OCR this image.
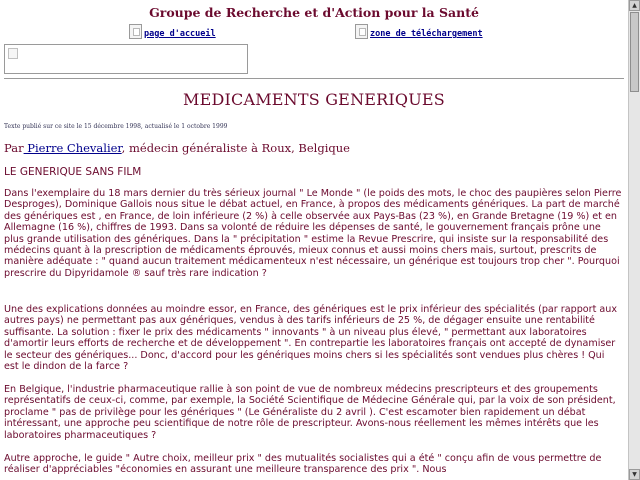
Groupe de Recherche et d'Action pour la Santé
page d'accueil	zone de téléchargement
MEDICAMENTS GENERIQUES
Texte publié sur ce site le 15 décembre 1998, actualisé le 1 octobre 1999
Par Pierre Chevalier, médecin généraliste à Roux, Belgique
LE GENERIQUE SANS FILM

Dans l'exemplaire du 18 mars dernier du très sérieux journal " Le Monde " (le poids des mots, le choc des paupières selon Pierre Desproges), Dominique Gallois nous situe le débat actuel, en France, à propos des médicaments génériques. La part de marché des génériques est , en France, de loin inférieure (2 %) à celle observée aux Pays-Bas (23 %), en Grande Bretagne (19 %) et en Allemagne (16 %), chiffres de 1993. Dans sa volonté de réduire les dépenses de santé, le gouvernement français prône une plus grande utilisation des génériques. Dans la " précipitation " estime la Revue Prescrire, qui insiste sur la responsabilité des médecins quant à la prescription de médicaments éprouvés, mieux connus et aussi moins chers mais, surtout, prescrits de manière adéquate : " quand aucun traitement médicamenteux n'est nécessaire, un générique est toujours trop cher ". Pourquoi prescrire du Dipyridamole ® sauf très rare indication ?

Une des explications données au moindre essor, en France, des génériques est le prix inférieur des spécialités (par rapport aux autres pays) ne permettant pas aux génériques, vendus à des tarifs inférieurs de 25 %, de dégager ensuite une rentabilité suffisante. La solution : fixer le prix des médicaments " innovants " à un niveau plus élevé, " permettant aux laboratoires d'amortir leurs efforts de recherche et de développement ". En contrepartie les laboratoires français ont accepté de dynamiser le secteur des génériques... Donc, d'accord pour les génériques moins chers si les spécialités sont vendues plus chères ! Qui est le dindon de la farce ?

En Belgique, l'industrie pharmaceutique rallie à son point de vue de nombreux médecins prescripteurs et des groupements représentatifs de ceux-ci, comme, par exemple, la Société Scientifique de Médecine Générale qui, par la voix de son président, proclame " pas de privilège pour les génériques " (Le Généraliste du 2 avril ). C'est escamoter bien rapidement un débat intéressant, une approche peu scientifique de notre rôle de prescripteur. Avons-nous réellement les mêmes intérêts que les laboratoires pharmaceutiques ?

Autre approche, le guide " Autre choix, meilleur prix " des mutualités socialistes qui a été " conçu afin de vous permettre de réaliser d'appréciables "économies en assurant une meilleure transparence des prix ". Nous

▲
▼
